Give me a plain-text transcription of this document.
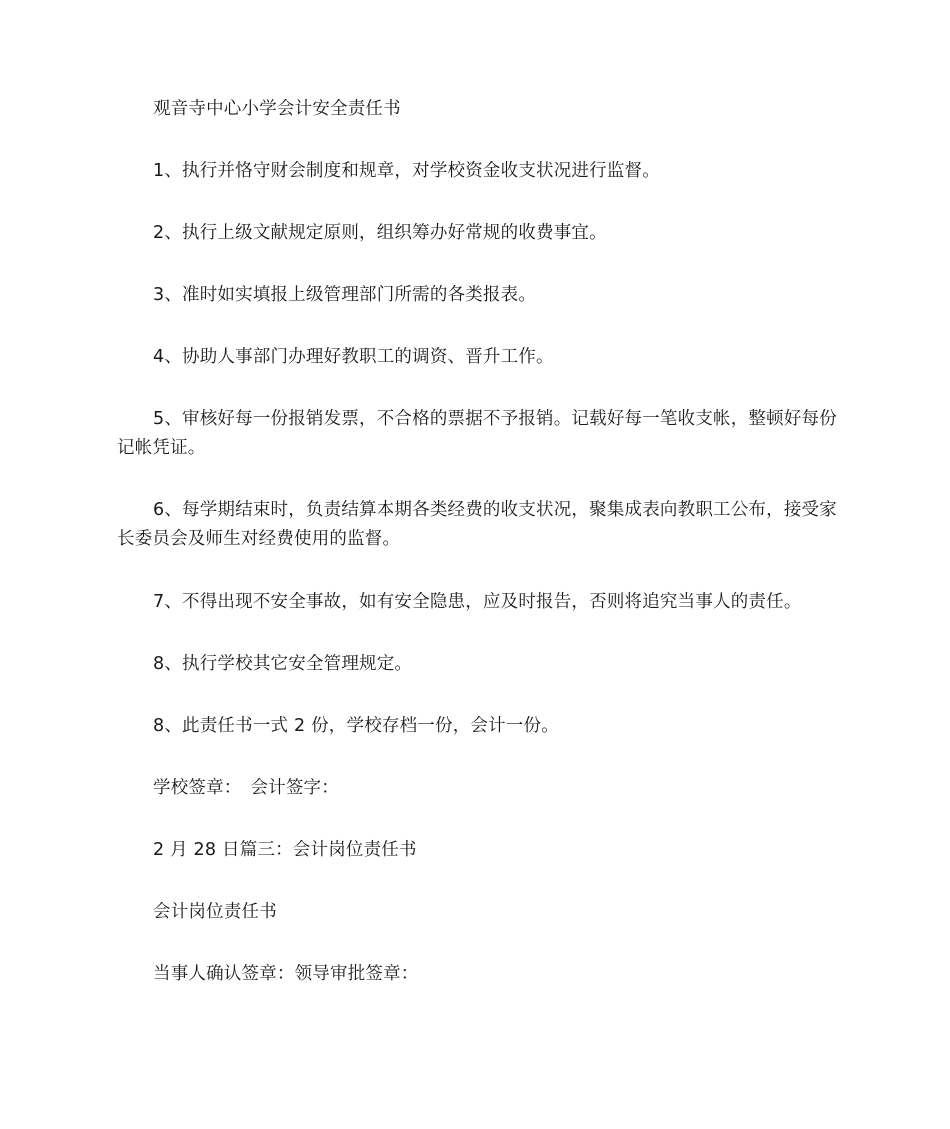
观音寺中心小学会计安全责任书
1、执行并恪守财会制度和规章，对学校资金收支状况进行监督。
2、执行上级文献规定原则，组织筹办好常规的收费事宜。
3、准时如实填报上级管理部门所需的各类报表。
4、协助人事部门办理好教职工的调资、晋升工作。
5、审核好每一份报销发票，不合格的票据不予报销。记载好每一笔收支帐，整顿好每份记帐凭证。
6、每学期结束时，负责结算本期各类经费的收支状况，聚集成表向教职工公布，接受家长委员会及师生对经费使用的监督。
7、不得出现不安全事故，如有安全隐患，应及时报告，否则将追究当事人的责任。
8、执行学校其它安全管理规定。
8、此责任书一式 2 份，学校存档一份，会计一份。
学校签章：　会计签字：
2 月 28 日篇三：会计岗位责任书
会计岗位责任书
当事人确认签章：领导审批签章：
